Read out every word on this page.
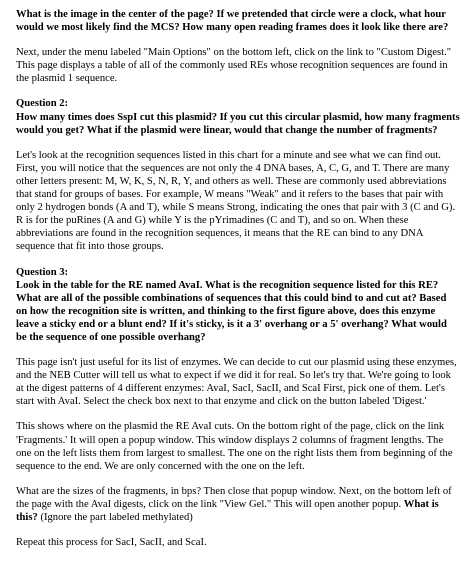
What is the image in the center of the page? If we pretended that circle were a clock, what hour would we most likely find the MCS? How many open reading frames does it look like there are?

Next, under the menu labeled "Main Options" on the bottom left, click on the link to "Custom Digest." This page displays a table of all of the commonly used REs whose recognition sequences are found in the plasmid 1 sequence.

Question 2:

How many times does SspI cut this plasmid? If you cut this circular plasmid, how many fragments would you get? What if the plasmid were linear, would that change the number of fragments?

Let's look at the recognition sequences listed in this chart for a minute and see what we can find out. First, you will notice that the sequences are not only the 4 DNA bases, A, C, G, and T. There are many other letters present: M, W, K, S, N, R, Y, and others as well. These are commonly used abbreviations that stand for groups of bases. For example, W means "Weak" and it refers to the bases that pair with only 2 hydrogen bonds (A and T), while S means Strong, indicating the ones that pair with 3 (C and G). R is for the puRines (A and G) while Y is the pYrimadines (C and T), and so on. When these abbreviations are found in the recognition sequences, it means that the RE can bind to any DNA sequence that fit into those groups.

Question 3:

Look in the table for the RE named AvaI. What is the recognition sequence listed for this RE? What are all of the possible combinations of sequences that this could bind to and cut at? Based on how the recognition site is written, and thinking to the first figure above, does this enzyme leave a sticky end or a blunt end? If it's sticky, is it a 3' overhang or a 5' overhang? What would be the sequence of one possible overhang?

This page isn't just useful for its list of enzymes. We can decide to cut our plasmid using these enzymes, and the NEB Cutter will tell us what to expect if we did it for real. So let's try that. We're going to look at the digest patterns of 4 different enzymes: AvaI, SacI, SacII, and ScaI First, pick one of them. Let's start with AvaI. Select the check box next to that enzyme and click on the button labeled 'Digest.'

This shows where on the plasmid the RE AvaI cuts. On the bottom right of the page, click on the link 'Fragments.' It will open a popup window. This window displays 2 columns of fragment lengths. The one on the left lists them from largest to smallest. The one on the right lists them from beginning of the sequence to the end. We are only concerned with the one on the left.

What are the sizes of the fragments, in bps? Then close that popup window. Next, on the bottom left of the page with the AvaI digests, click on the link "View Gel." This will open another popup. What is this? (Ignore the part labeled methylated)

Repeat this process for SacI, SacII, and ScaI.
